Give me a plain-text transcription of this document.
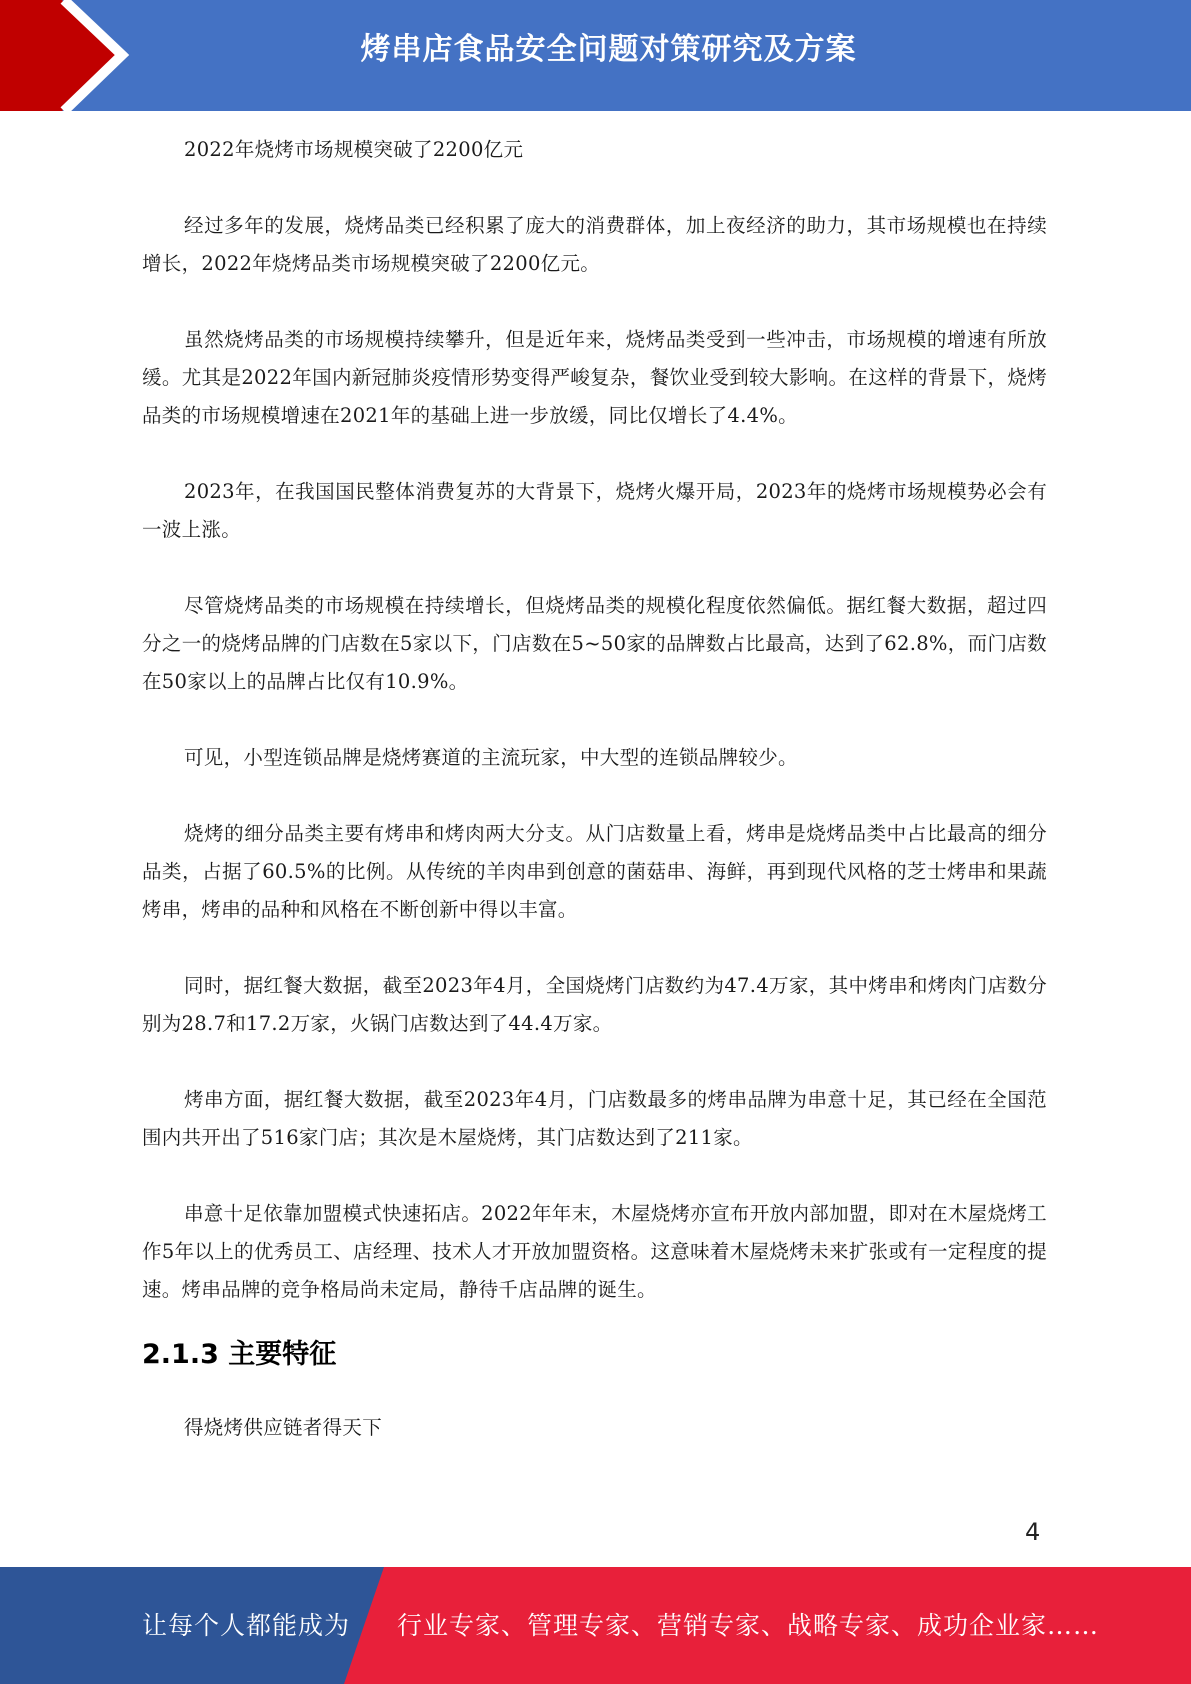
烤串店食品安全问题对策研究及方案

2022年烧烤市场规模突破了2200亿元

经过多年的发展，烧烤品类已经积累了庞大的消费群体，加上夜经济的助力，其市场规模也在持续增长，2022年烧烤品类市场规模突破了2200亿元。

虽然烧烤品类的市场规模持续攀升，但是近年来，烧烤品类受到一些冲击，市场规模的增速有所放缓。尤其是2022年国内新冠肺炎疫情形势变得严峻复杂，餐饮业受到较大影响。在这样的背景下，烧烤品类的市场规模增速在2021年的基础上进一步放缓，同比仅增长了4.4%。

2023年，在我国国民整体消费复苏的大背景下，烧烤火爆开局，2023年的烧烤市场规模势必会有一波上涨。

尽管烧烤品类的市场规模在持续增长，但烧烤品类的规模化程度依然偏低。据红餐大数据，超过四分之一的烧烤品牌的门店数在5家以下，门店数在5~50家的品牌数占比最高，达到了62.8%，而门店数在50家以上的品牌占比仅有10.9%。

可见，小型连锁品牌是烧烤赛道的主流玩家，中大型的连锁品牌较少。

烧烤的细分品类主要有烤串和烤肉两大分支。从门店数量上看，烤串是烧烤品类中占比最高的细分品类，占据了60.5%的比例。从传统的羊肉串到创意的菌菇串、海鲜，再到现代风格的芝士烤串和果蔬烤串，烤串的品种和风格在不断创新中得以丰富。

同时，据红餐大数据，截至2023年4月，全国烧烤门店数约为47.4万家，其中烤串和烤肉门店数分别为28.7和17.2万家，火锅门店数达到了44.4万家。

烤串方面，据红餐大数据，截至2023年4月，门店数最多的烤串品牌为串意十足，其已经在全国范围内共开出了516家门店；其次是木屋烧烤，其门店数达到了211家。

串意十足依靠加盟模式快速拓店。2022年年末，木屋烧烤亦宣布开放内部加盟，即对在木屋烧烤工作5年以上的优秀员工、店经理、技术人才开放加盟资格。这意味着木屋烧烤未来扩张或有一定程度的提速。烤串品牌的竞争格局尚未定局，静待千店品牌的诞生。

2.1.3 主要特征

得烧烤供应链者得天下

4
让每个人都能成为 行业专家、管理专家、营销专家、战略专家、成功企业家……
